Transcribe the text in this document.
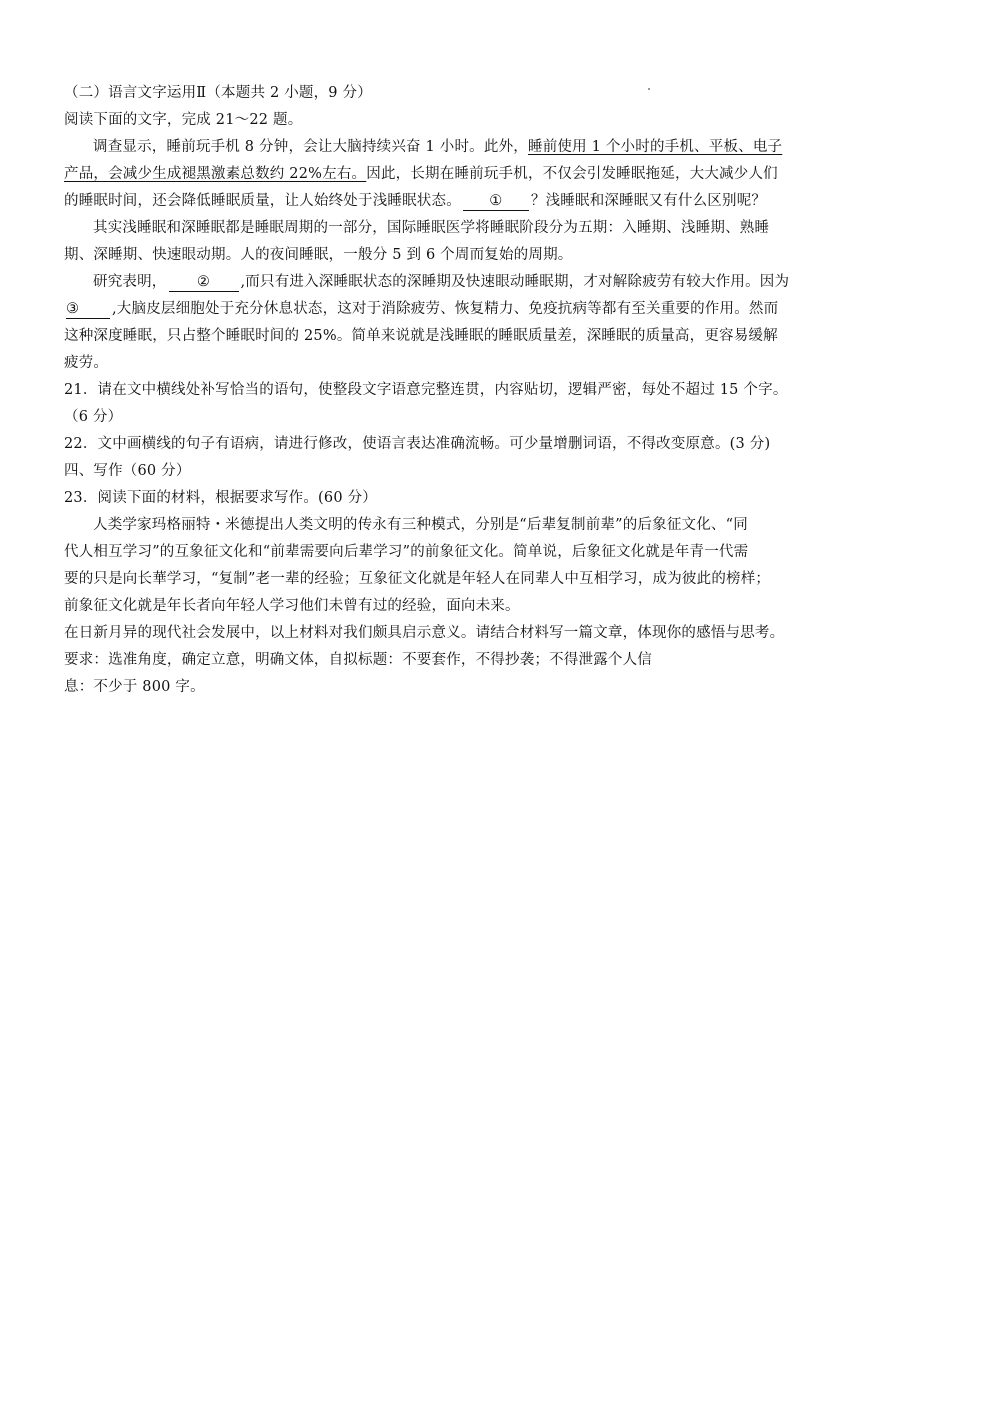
（二）语言文字运用Ⅱ（本题共 2 小题，9 分）
阅读下面的文字，完成 21～22 题。
调查显示，睡前玩手机 8 分钟，会让大脑持续兴奋 1 小时。此外，睡前使用 1 个小时的手机、平板、电子
产品，会减少生成褪黑激素总数约 22%左右。因此，长期在睡前玩手机，不仅会引发睡眠拖延，大大减少人们
的睡眠时间，还会降低睡眠质量，让人始终处于浅睡眠状态。 ① ？浅睡眠和深睡眠又有什么区别呢？
其实浅睡眠和深睡眠都是睡眠周期的一部分，国际睡眠医学将睡眠阶段分为五期：入睡期、浅睡期、熟睡
期、深睡期、快速眼动期。人的夜间睡眠，一般分 5 到 6 个周而复始的周期。
研究表明， ② ,而只有进入深睡眠状态的深睡期及快速眼动睡眠期，才对解除疲劳有较大作用。因为
③ ,大脑皮层细胞处于充分休息状态，这对于消除疲劳、恢复精力、免疫抗病等都有至关重要的作用。然而
这种深度睡眠，只占整个睡眠时间的 25%。简单来说就是浅睡眠的睡眠质量差，深睡眠的质量高，更容易缓解
疲劳。
21．请在文中横线处补写恰当的语句，使整段文字语意完整连贯，内容贴切，逻辑严密，每处不超过 15 个字。
（6 分）
22．文中画横线的句子有语病，请进行修改，使语言表达准确流畅。可少量增删词语，不得改变原意。(3 分)
四、写作（60 分）
23．阅读下面的材料，根据要求写作。(60 分）
人类学家玛格丽特・米德提出人类文明的传永有三种模式，分别是“后辈复制前辈”的后象征文化、“同
代人相互学习”的互象征文化和“前辈需要向后辈学习”的前象征文化。简单说，后象征文化就是年青一代需
要的只是向长華学习，“复制”老一辈的经验；互象征文化就是年轻人在同辈人中互相学习，成为彼此的榜样；
前象征文化就是年长者向年轻人学习他们未曾有过的经验，面向未来。
在日新月异的现代社会发展中，以上材料对我们颇具启示意义。请结合材料写一篇文章，体现你的感悟与思考。
要求：选准角度，确定立意，明确文体，自拟标题：不要套作，不得抄袭；不得泄露个人信
息：不少于 800 字。
